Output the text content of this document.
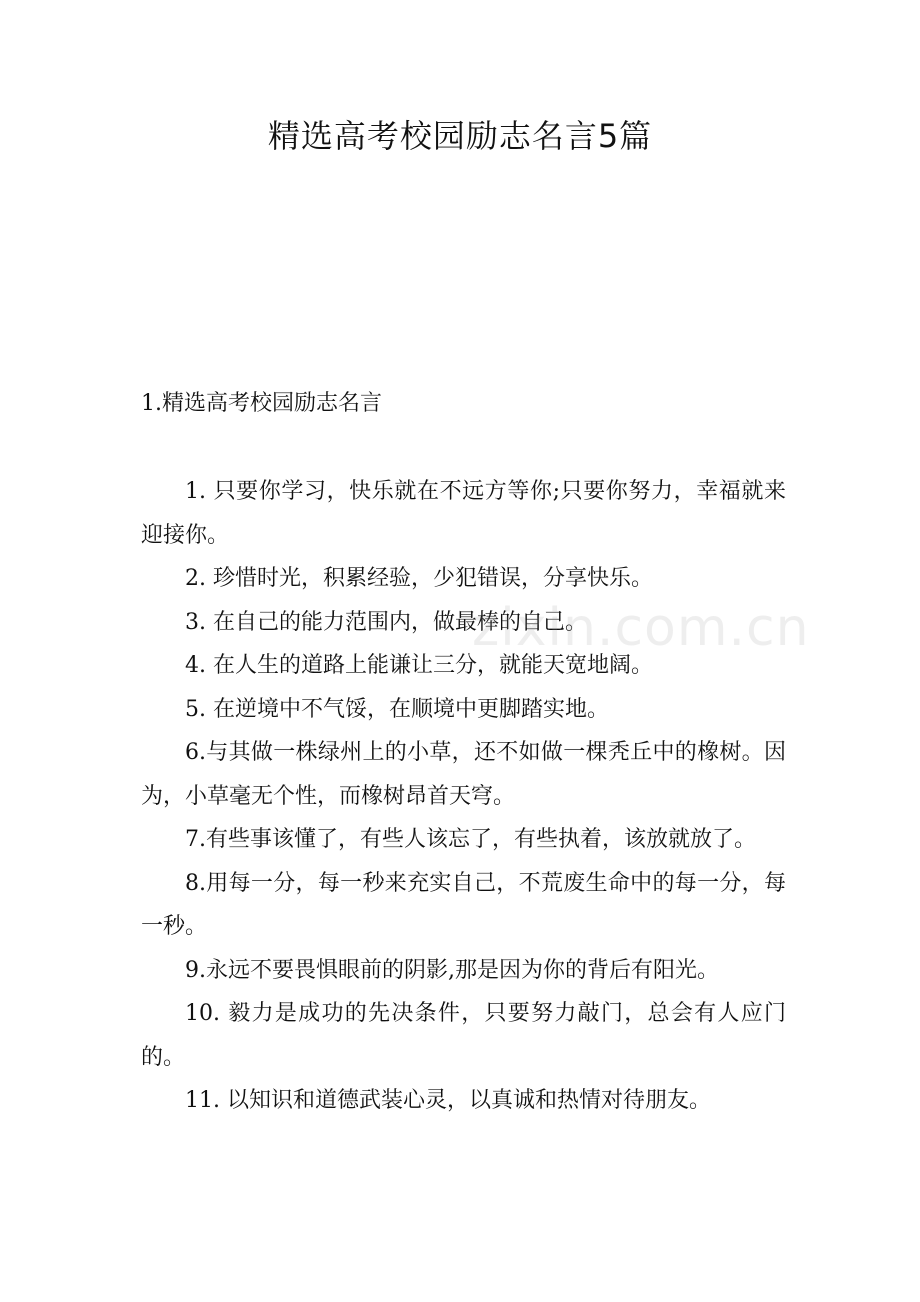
精选高考校园励志名言5篇
1.精选高考校园励志名言

1. 只要你学习，快乐就在不远方等你;只要你努力，幸福就来迎接你。

2. 珍惜时光，积累经验，少犯错误，分享快乐。

3. 在自己的能力范围内，做最棒的自己。

4. 在人生的道路上能谦让三分，就能天宽地阔。

5. 在逆境中不气馁，在顺境中更脚踏实地。

6.与其做一株绿州上的小草，还不如做一棵秃丘中的橡树。因为，小草毫无个性，而橡树昂首天穹。

7.有些事该懂了，有些人该忘了，有些执着，该放就放了。

8.用每一分，每一秒来充实自己，不荒废生命中的每一分，每一秒。

9.永远不要畏惧眼前的阴影,那是因为你的背后有阳光。

10. 毅力是成功的先决条件，只要努力敲门，总会有人应门的。

11. 以知识和道德武装心灵，以真诚和热情对待朋友。

zixin.com.cn
